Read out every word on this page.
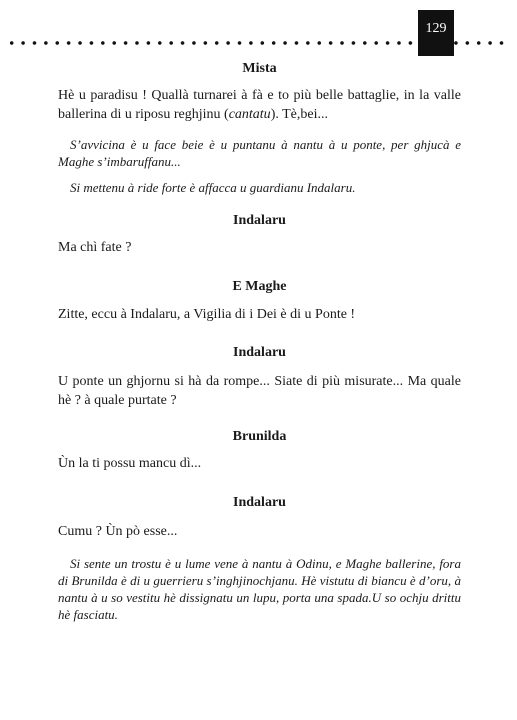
129
Mista
Hè u paradisu ! Quallà turnarei à fà e to più belle battaglie, in la valle ballerina di u riposu reghjinu (cantatu). Tè,bei...
S’avvicina è u face beie è u puntanu à nantu à u ponte, per ghjucà e Maghe s’imbaruffanu...
Si mettenu à ride forte è affacca u guardianu Indalaru.
Indalaru
Ma chì fate ?
E Maghe
Zitte, eccu à Indalaru, a Vigilia di i Dei è di u Ponte !
Indalaru
U ponte un ghjornu si hà da rompe... Siate di più misurate... Ma quale hè ? à quale purtate ?
Brunilda
Ùn la ti possu mancu dì...
Indalaru
Cumu ? Ùn pò esse...
Si sente un trostu è u lume vene à nantu à Odinu, e Maghe ballerine, fora di Brunilda è di u guerrieru s’inghjinochjanu. Hè vistutu di biancu è d’oru, à nantu à u so vestitu hè dissignatu un lupu, porta una spada.U so ochju drittu hè fasciatu.
